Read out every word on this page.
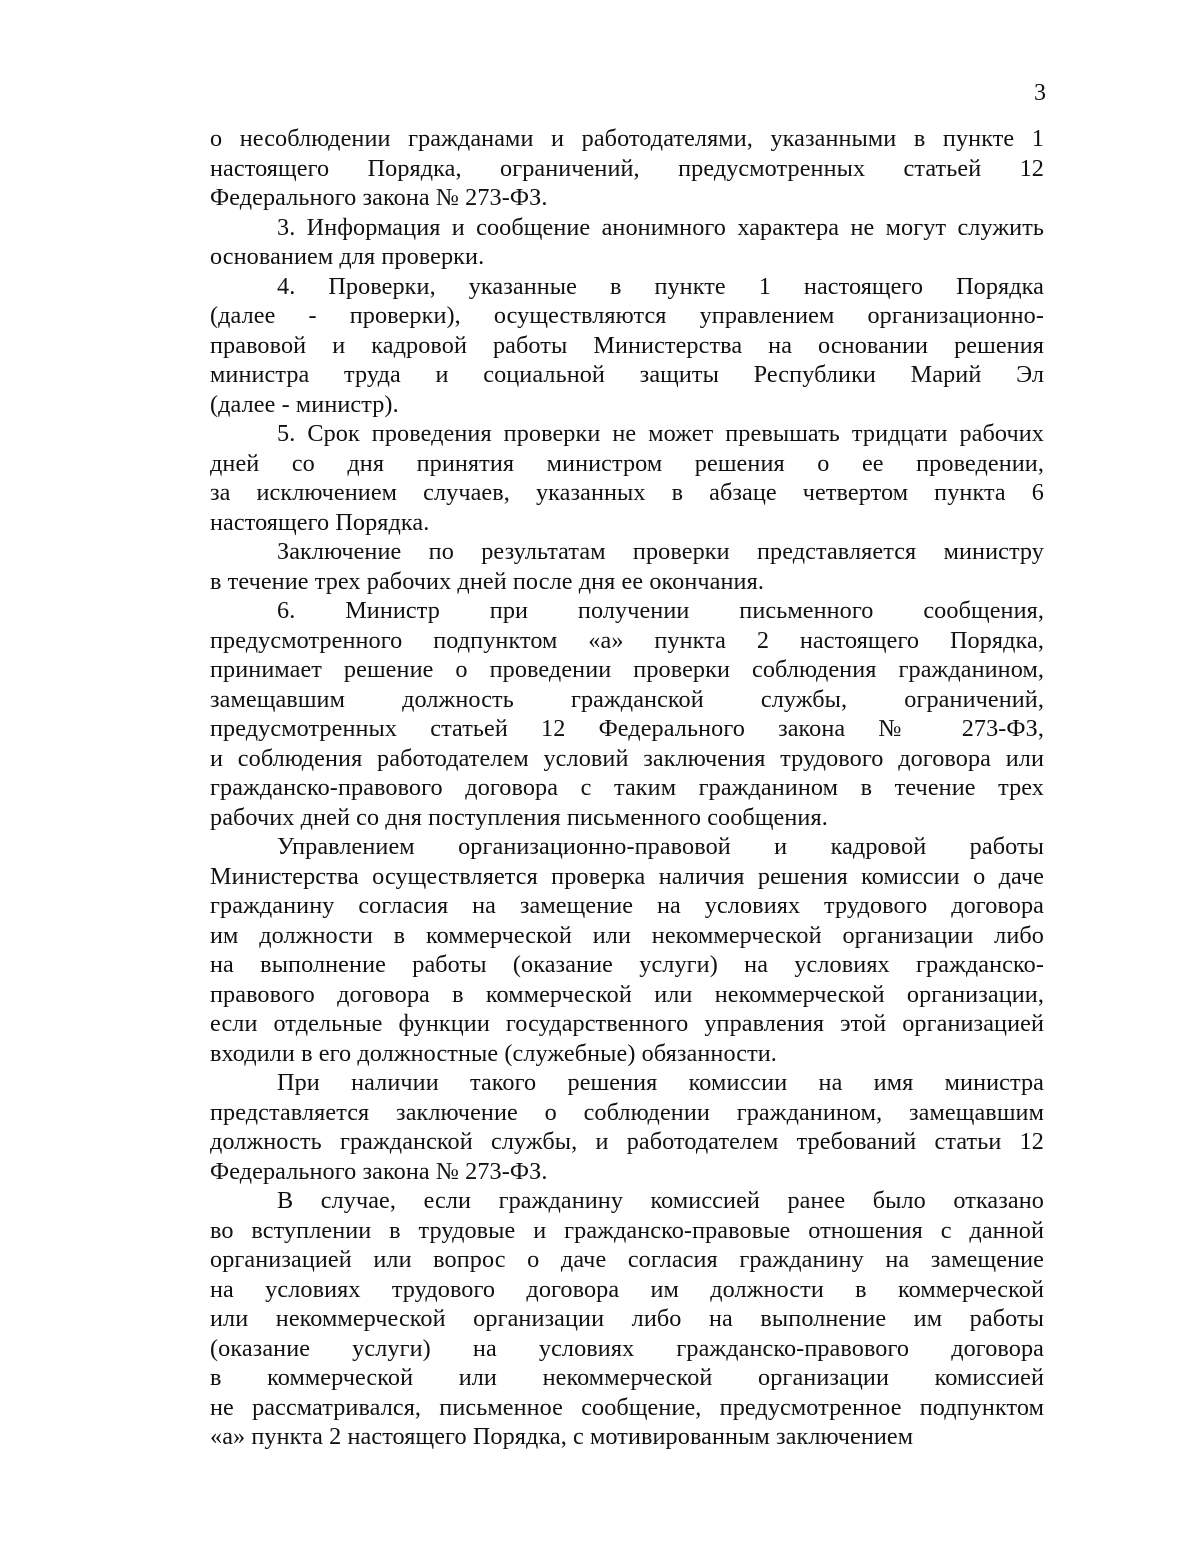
3
о несоблюдении гражданами и работодателями, указанными в пункте 1
настоящего Порядка, ограничений, предусмотренных статьей 12
Федерального закона № 273-ФЗ.
3. Информация и сообщение анонимного характера не могут служить
основанием для проверки.
4. Проверки, указанные в пункте 1 настоящего Порядка
(далее - проверки), осуществляются управлением организационно-
правовой и кадровой работы Министерства на основании решения
министра труда и социальной защиты Республики Марий Эл
(далее - министр).
5. Срок проведения проверки не может превышать тридцати рабочих
дней со дня принятия министром решения о ее проведении,
за исключением случаев, указанных в абзаце четвертом пункта 6
настоящего Порядка.
Заключение по результатам проверки представляется министру
в течение трех рабочих дней после дня ее окончания.
6. Министр при получении письменного сообщения,
предусмотренного подпунктом «а» пункта 2 настоящего Порядка,
принимает решение о проведении проверки соблюдения гражданином,
замещавшим должность гражданской службы, ограничений,
предусмотренных статьей 12 Федерального закона № 273-ФЗ,
и соблюдения работодателем условий заключения трудового договора или
гражданско-правового договора с таким гражданином в течение трех
рабочих дней со дня поступления письменного сообщения.
Управлением организационно-правовой и кадровой работы
Министерства осуществляется проверка наличия решения комиссии о даче
гражданину согласия на замещение на условиях трудового договора
им должности в коммерческой или некоммерческой организации либо
на выполнение работы (оказание услуги) на условиях гражданско-
правового договора в коммерческой или некоммерческой организации,
если отдельные функции государственного управления этой организацией
входили в его должностные (служебные) обязанности.
При наличии такого решения комиссии на имя министра
представляется заключение о соблюдении гражданином, замещавшим
должность гражданской службы, и работодателем требований статьи 12
Федерального закона № 273-ФЗ.
В случае, если гражданину комиссией ранее было отказано
во вступлении в трудовые и гражданско-правовые отношения с данной
организацией или вопрос о даче согласия гражданину на замещение
на условиях трудового договора им должности в коммерческой
или некоммерческой организации либо на выполнение им работы
(оказание услуги) на условиях гражданско-правового договора
в коммерческой или некоммерческой организации комиссией
не рассматривался, письменное сообщение, предусмотренное подпунктом
«а» пункта 2 настоящего Порядка, с мотивированным заключением
